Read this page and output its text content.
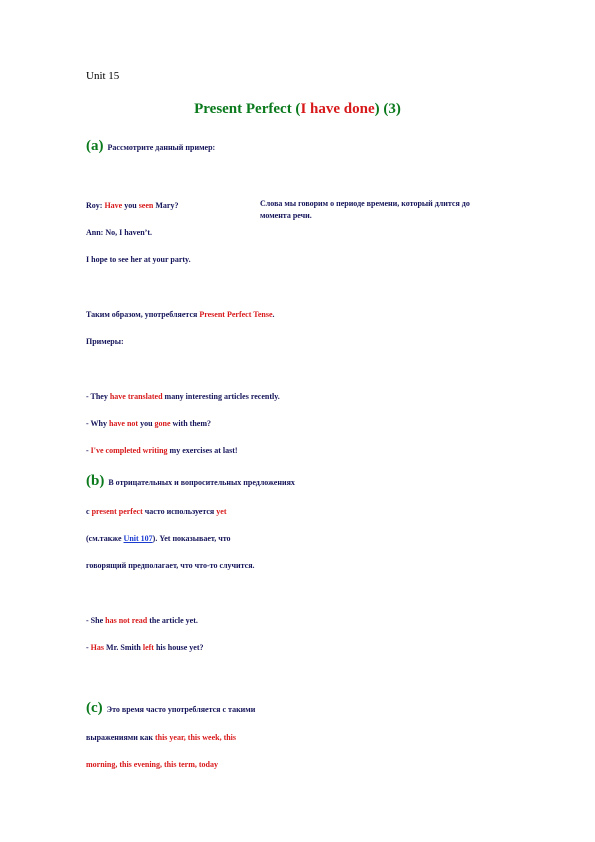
Unit 15
Present Perfect (I have done) (3)
(a) Рассмотрите данный пример:
Roy: Have you seen Mary?	Слова мы говорим о периоде времени, который длится до момента речи.
Ann: No, I haven’t.
I hope to see her at your party.
Таким образом, употребляется Present Perfect Tense.
Примеры:
- They have translated many interesting articles recently.
- Why have not you gone with them?
- I've completed writing my exercises at last!
(b) В отрицательных и вопросительных предложениях
с present perfect часто используется yet
(см.также Unit 107). Yet показывает, что
говорящий предполагает, что что-то случится.
- She has not read the article yet.
- Has Mr. Smith left his house yet?
(c) Это время часто употребляется с такими
выражениями как this year, this week, this
morning, this evening, this term, today
